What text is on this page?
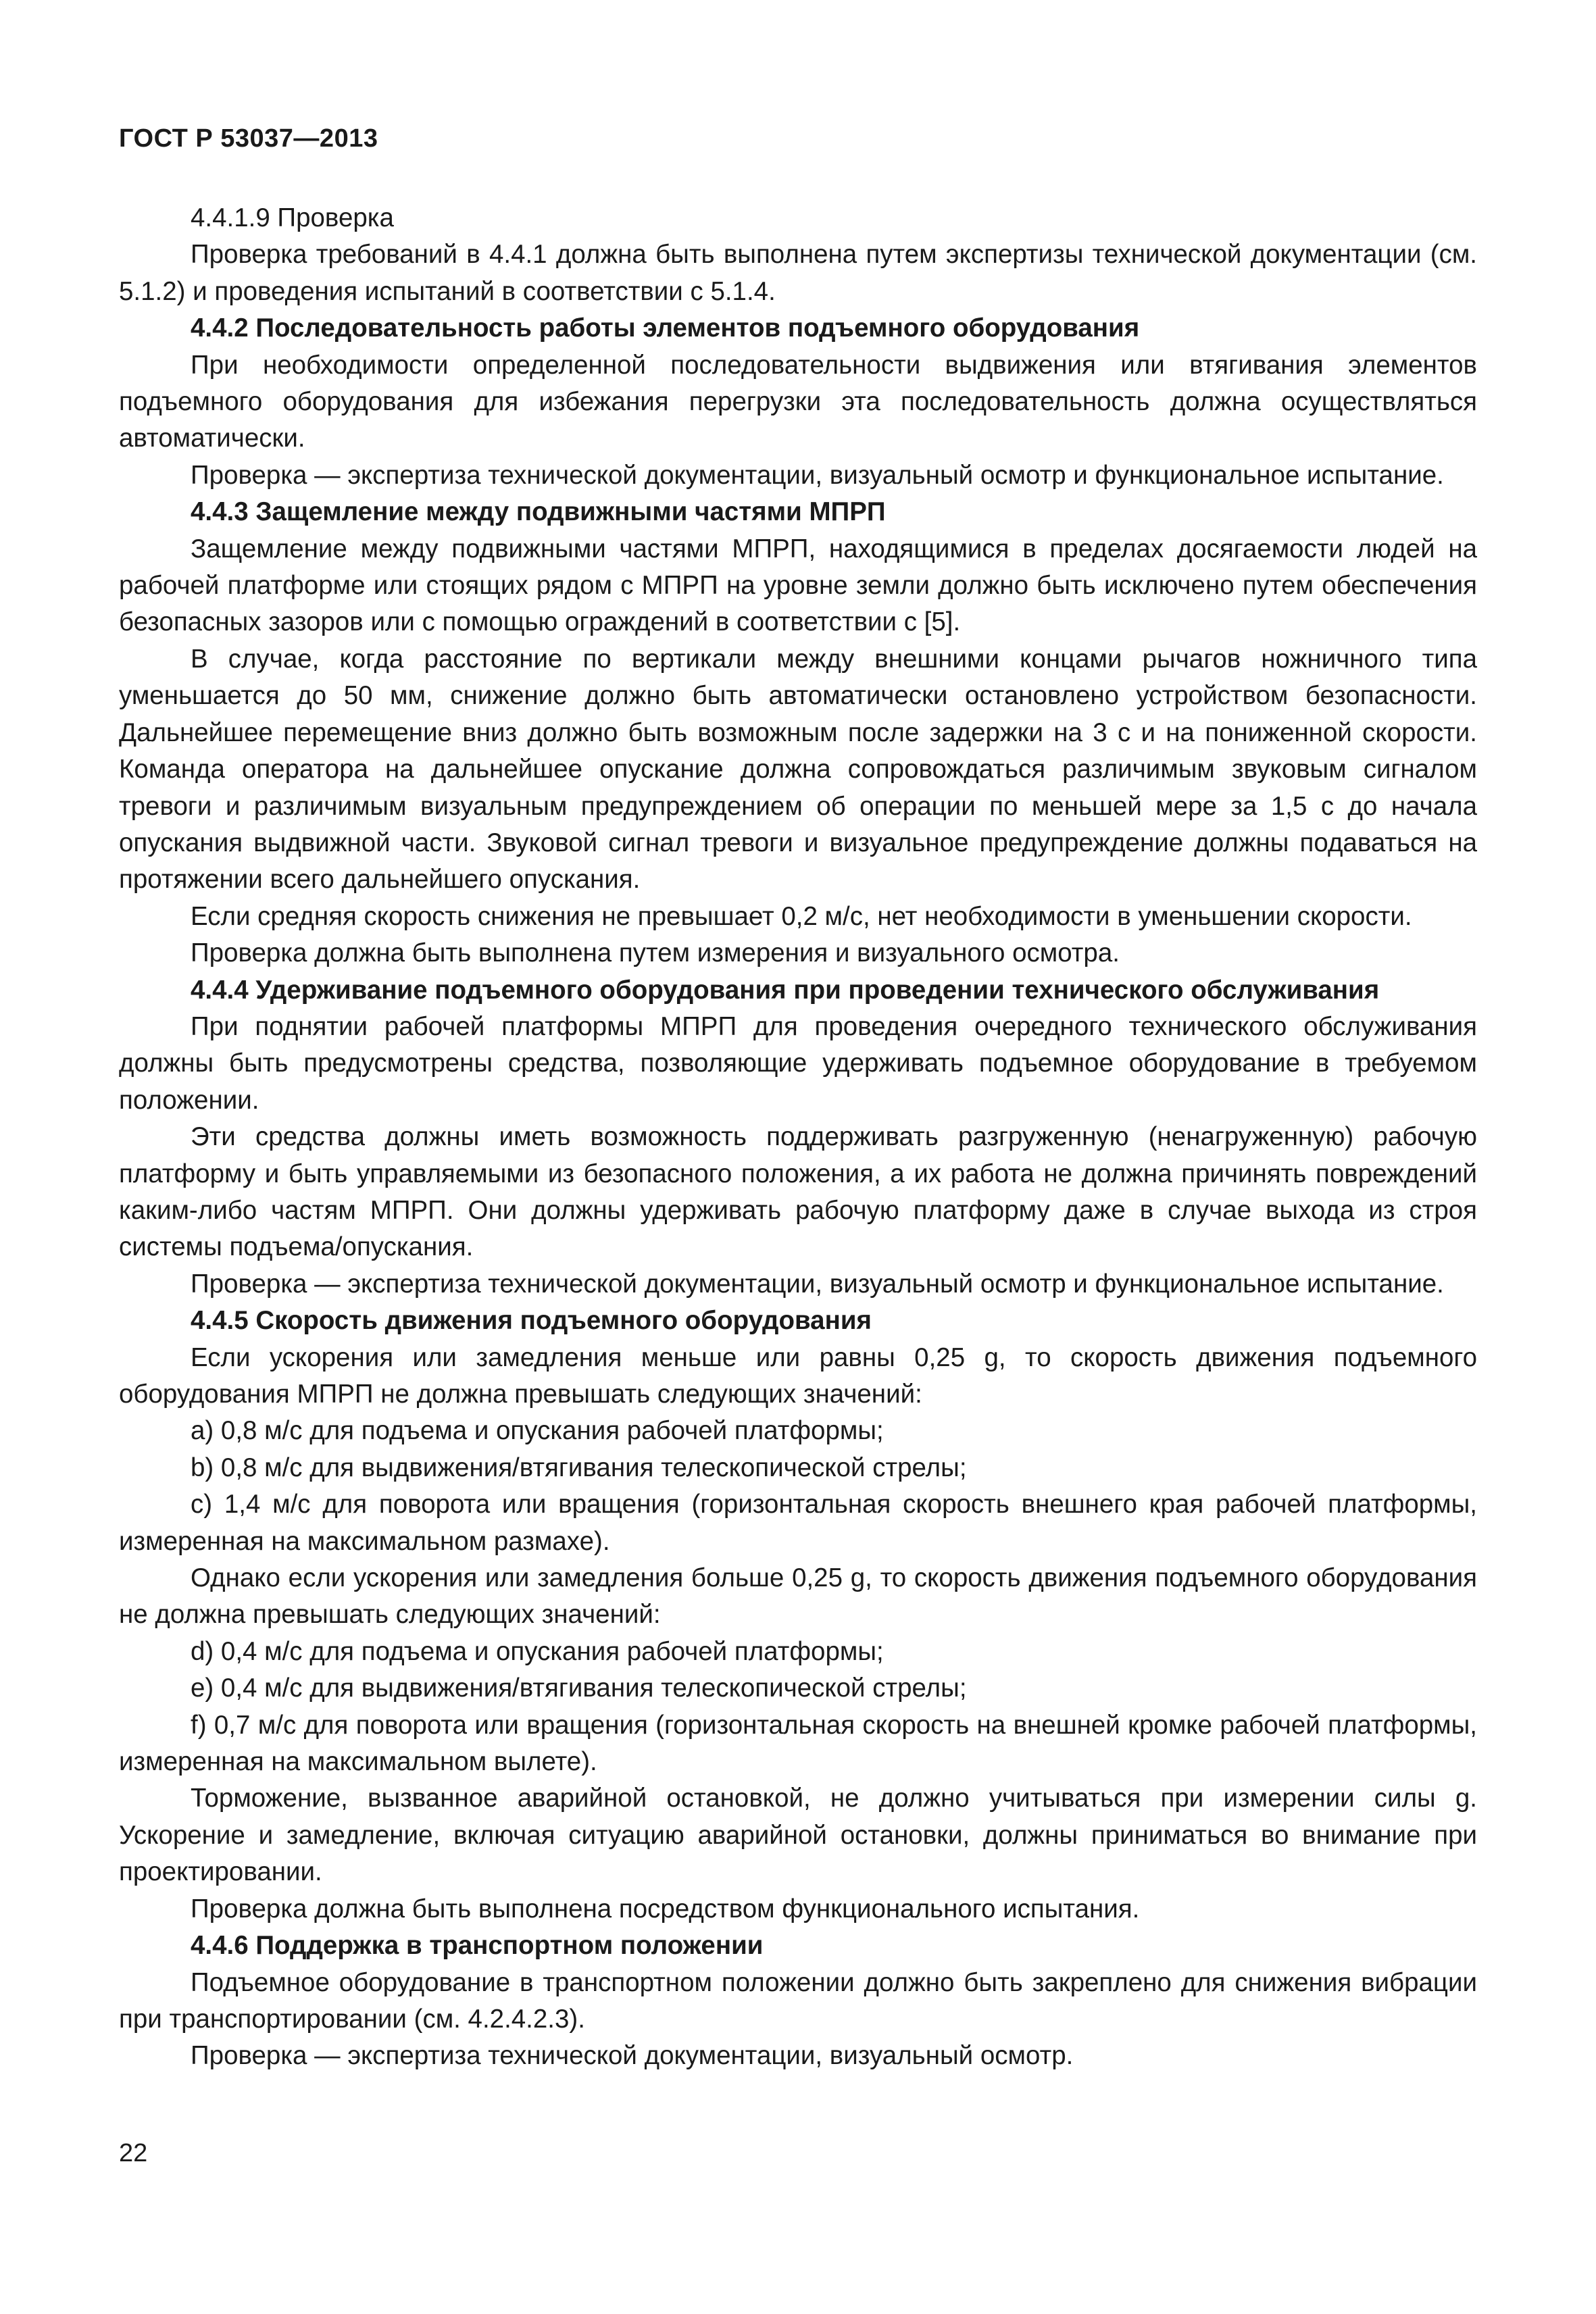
ГОСТ Р 53037—2013

4.4.1.9 Проверка

Проверка требований в 4.4.1 должна быть выполнена путем экспертизы технической документации (см. 5.1.2) и проведения испытаний в соответствии с 5.1.4.

4.4.2 Последовательность работы элементов подъемного оборудования

При необходимости определенной последовательности выдвижения или втягивания элементов подъемного оборудования для избежания перегрузки эта последовательность должна осуществляться автоматически.

Проверка — экспертиза технической документации, визуальный осмотр и функциональное испытание.

4.4.3 Защемление между подвижными частями МПРП

Защемление между подвижными частями МПРП, находящимися в пределах досягаемости людей на рабочей платформе или стоящих рядом с МПРП на уровне земли должно быть исключено путем обеспечения безопасных зазоров или с помощью ограждений в соответствии с [5].

В случае, когда расстояние по вертикали между внешними концами рычагов ножничного типа уменьшается до 50 мм, снижение должно быть автоматически остановлено устройством безопасности. Дальнейшее перемещение вниз должно быть возможным после задержки на 3 с и на пониженной скорости. Команда оператора на дальнейшее опускание должна сопровождаться различимым звуковым сигналом тревоги и различимым визуальным предупреждением об операции по меньшей мере за 1,5 с до начала опускания выдвижной части. Звуковой сигнал тревоги и визуальное предупреждение должны подаваться на протяжении всего дальнейшего опускания.

Если средняя скорость снижения не превышает 0,2 м/с, нет необходимости в уменьшении скорости.

Проверка должна быть выполнена путем измерения и визуального осмотра.

4.4.4 Удерживание подъемного оборудования при проведении технического обслуживания

При поднятии рабочей платформы МПРП для проведения очередного технического обслуживания должны быть предусмотрены средства, позволяющие удерживать подъемное оборудование в требуемом положении.

Эти средства должны иметь возможность поддерживать разгруженную (ненагруженную) рабочую платформу и быть управляемыми из безопасного положения, а их работа не должна причинять повреждений каким-либо частям МПРП. Они должны удерживать рабочую платформу даже в случае выхода из строя системы подъема/опускания.

Проверка — экспертиза технической документации, визуальный осмотр и функциональное испытание.

4.4.5 Скорость движения подъемного оборудования

Если ускорения или замедления меньше или равны 0,25 g, то скорость движения подъемного оборудования МПРП не должна превышать следующих значений:

а) 0,8 м/с для подъема и опускания рабочей платформы;

b) 0,8 м/с для выдвижения/втягивания телескопической стрелы;

с) 1,4 м/с для поворота или вращения (горизонтальная скорость внешнего края рабочей платформы, измеренная на максимальном размахе).

Однако если ускорения или замедления больше 0,25 g, то скорость движения подъемного оборудования не должна превышать следующих значений:

d) 0,4 м/с для подъема и опускания рабочей платформы;

е) 0,4 м/с для выдвижения/втягивания телескопической стрелы;

f) 0,7 м/с для поворота или вращения (горизонтальная скорость на внешней кромке рабочей платформы, измеренная на максимальном вылете).

Торможение, вызванное аварийной остановкой, не должно учитываться при измерении силы g. Ускорение и замедление, включая ситуацию аварийной остановки, должны приниматься во внимание при проектировании.

Проверка должна быть выполнена посредством функционального испытания.

4.4.6 Поддержка в транспортном положении

Подъемное оборудование в транспортном положении должно быть закреплено для снижения вибрации при транспортировании (см. 4.2.4.2.3).

Проверка — экспертиза технической документации, визуальный осмотр.

22
